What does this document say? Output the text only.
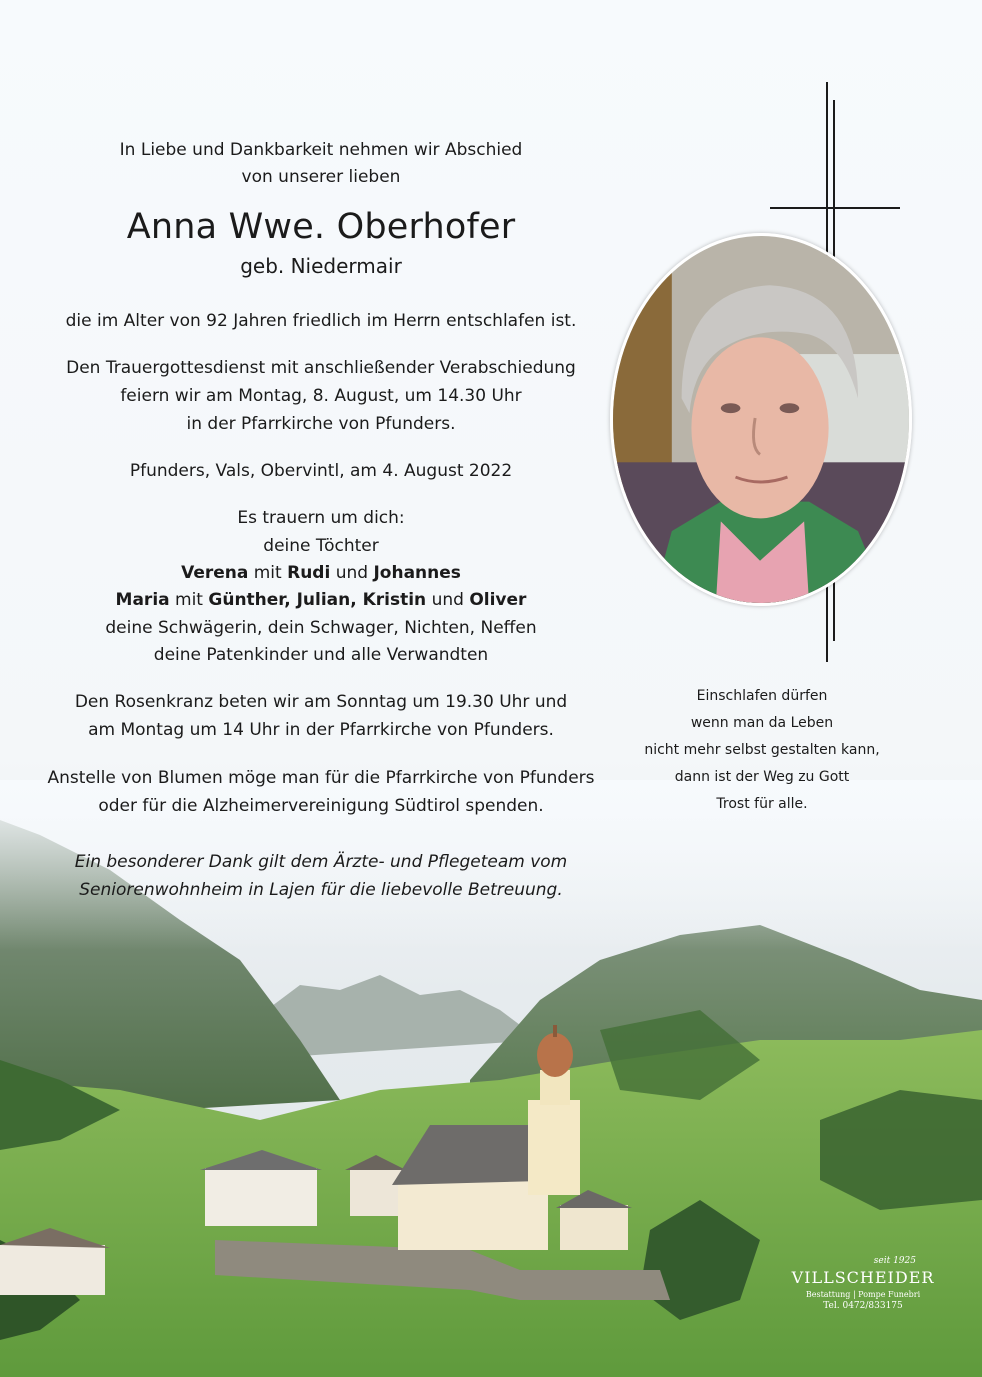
In Liebe und Dankbarkeit nehmen wir Abschied
von unserer lieben
Anna Wwe. Oberhofer
geb. Niedermair
die im Alter von 92 Jahren friedlich im Herrn entschlafen ist.
Den Trauergottesdienst mit anschließender Verabschiedung
feiern wir am Montag, 8. August, um 14.30 Uhr
in der Pfarrkirche von Pfunders.
Pfunders, Vals, Obervintl, am 4. August 2022
Es trauern um dich:
deine Töchter
Verena mit Rudi und Johannes
Maria mit Günther, Julian, Kristin und Oliver
deine Schwägerin, dein Schwager, Nichten, Neffen
deine Patenkinder und alle Verwandten
Den Rosenkranz beten wir am Sonntag um 19.30 Uhr und
am Montag um 14 Uhr in der Pfarrkirche von Pfunders.
Anstelle von Blumen möge man für die Pfarrkirche von Pfunders
oder für die Alzheimervereinigung Südtirol spenden.
Ein besonderer Dank gilt dem Ärzte- und Pflegeteam vom
Seniorenwohnheim in Lajen für die liebevolle Betreuung.
Einschlafen dürfen
wenn man da Leben
nicht mehr selbst gestalten kann,
dann ist der Weg zu Gott
Trost für alle.
seit 1925
VILLSCHEIDER
Bestattung | Pompe Funebri
Tel. 0472/833175
